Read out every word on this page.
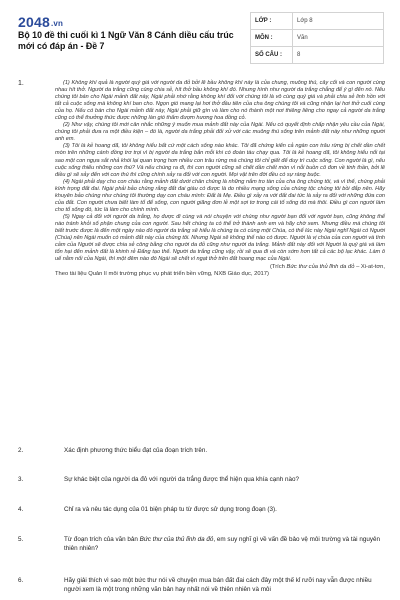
2048.vn
Bộ 10 đề thi cuối kì 1 Ngữ Văn 8 Cánh diều cấu trúc mới có đáp án - Đề 7
LỚP :	Lớp 8
MÔN :	Văn
SỐ CÂU :	8
1.	(1) Không khí quả là người quý giá với người da đỏ bởi lẽ bầu không khí này là của chung, muông thú, cây cối và con người cùng nhau hít thở. Người da trắng cũng cùng chia sẻ, hít thở bầu không khí đó. Nhưng hình như người da trắng chẳng để ý gì đến nó. Nếu chúng tôi bán cho Ngài mảnh đất này, Ngài phải nhớ rằng không khí đối với chúng tôi là vô cùng quý giá và phải chia sẻ linh hồn với tất cả cuộc sống mà không khí ban cho. Ngọn gió mang lại hơi thở đầu tiên của cha ông chúng tôi và cũng nhận lại hơi thở cuối cùng của họ. Nếu có bán cho Ngài mảnh đất này, Ngài phải giữ gìn và làm cho nó thành một nơi thiêng liêng cho ngay cả người da trắng cũng có thể thưởng thức được những làn gió thấm đượm hương hoa đồng cỏ.

(2) Như vậy, chúng tôi mới cân nhắc những ý muốn mua mảnh đất này của Ngài. Nếu có quyết định chấp nhận yêu cầu của Ngài, chúng tôi phải đưa ra một điều kiện – đó là, người da trắng phải đối xử với các muông thú sống trên mảnh đất này như những người anh em.

(3) Tôi là kẻ hoang dã, tôi không hiểu bất cứ một cách sống nào khác. Tôi đã chứng kiến cả ngàn con trâu rừng bị chết dần chết mòn trên những cánh đồng trơ trọi vì bị người da trắng bắn mỗi khi có đoàn tàu chạy qua. Tôi là kẻ hoang dã, tôi không hiểu nổi tại sao một con ngựa sắt nhả khói lại quan trọng hơn nhiều con trâu rừng mà chúng tôi chỉ giết để duy trì cuộc sống. Con người là gì, nếu cuộc sống thiếu những con thú? Và nếu chúng ra đi, thì con người cũng sẽ chết dần chết mòn vì nỗi buồn cô đơn về tinh thần, bởi lẽ điều gì sẽ xảy đến với con thú thì cũng chính xảy ra đối với con người. Mọi vật trên đời đều có sự ràng buộc.

(4) Ngài phải dạy cho con cháu rằng mảnh đất dưới chân chúng là những nắm tro tàn của cha ông chúng tôi, và vì thế, chúng phải kính trọng đất đai. Ngài phải bảo chúng rằng đất đai giàu có được là do nhiều mạng sống của chúng tộc chúng tôi bồi đắp nên. Hãy khuyên bảo chúng như chúng tôi thường dạy con cháu mình: Đất là Mẹ. Điều gì xảy ra với đất đai tức là xảy ra đối với những đứa con của đất. Con người chưa biết làm tổ để sống, con người giăng đơn lẻ một sợi tơ trong cái tổ sống đó mà thôi. Điều gì con người làm cho tổ sống đó, tức là làm cho chính mình.

(5) Ngay cả đối với người da trắng, họ được đi cùng và nói chuyện với chúng như người bạn đối với người bạn, cũng không thể nào tránh khỏi số phận chung của con người. Sau hết chúng ta có thể trở thành anh em và hãy chờ xem. Nhưng điều mà chúng tôi biết trước được là đến một ngày nào đó người da trắng sẽ hiểu là chúng ta có cùng một Chúa, có thể lúc này Ngài nghĩ Ngài có Người (Chúa) nên Ngài muốn có mảnh đất này của chúng tôi. Nhưng Ngài sẽ không thể nào có được. Người là vị chúa của con người và tình cảm của Người sẽ được chia sẻ công bằng cho người da đỏ cũng như người da trắng. Mảnh đất này đối với Người là quý giá và làm tổn hại đến mảnh đất là khinh rẻ Đấng tạo thế. Người da trắng cũng vậy, rồi sẽ qua đi và còn sớm hơn tất cả các bộ lạc khác. Làm ô uế nằm nổi của Ngài, thì một đêm nào đó Ngài sẽ chết vì ngạt thở trên đất hoang mạc của Ngài.

(Trích Bức thư của thủ lĩnh da đỏ – Xi-at-tơn,

Theo tài liệu Quản lí môi trường phục vụ phát triển bền vững, NXB Giáo dục, 2017)

2.	Xác định phương thức biểu đạt của đoạn trích trên.
3.	Sự khác biệt của người da đỏ với người da trắng được thể hiện qua khía cạnh nào?
4.	Chỉ ra và nêu tác dụng của 01 biện pháp tu từ được sử dụng trong đoạn (3).
5.	Từ đoạn trích của văn bản Bức thư của thủ lĩnh da đỏ, em suy nghĩ gì về vấn đề bảo vệ môi trường và tài nguyên thiên nhiên?
6.	Hãy giải thích vì sao một bức thư nói về chuyện mua bán đất đai cách đây một thế kỉ rưỡi nay vẫn được nhiều người xem là một trong những văn bản hay nhất nói về thiên nhiên và môi
